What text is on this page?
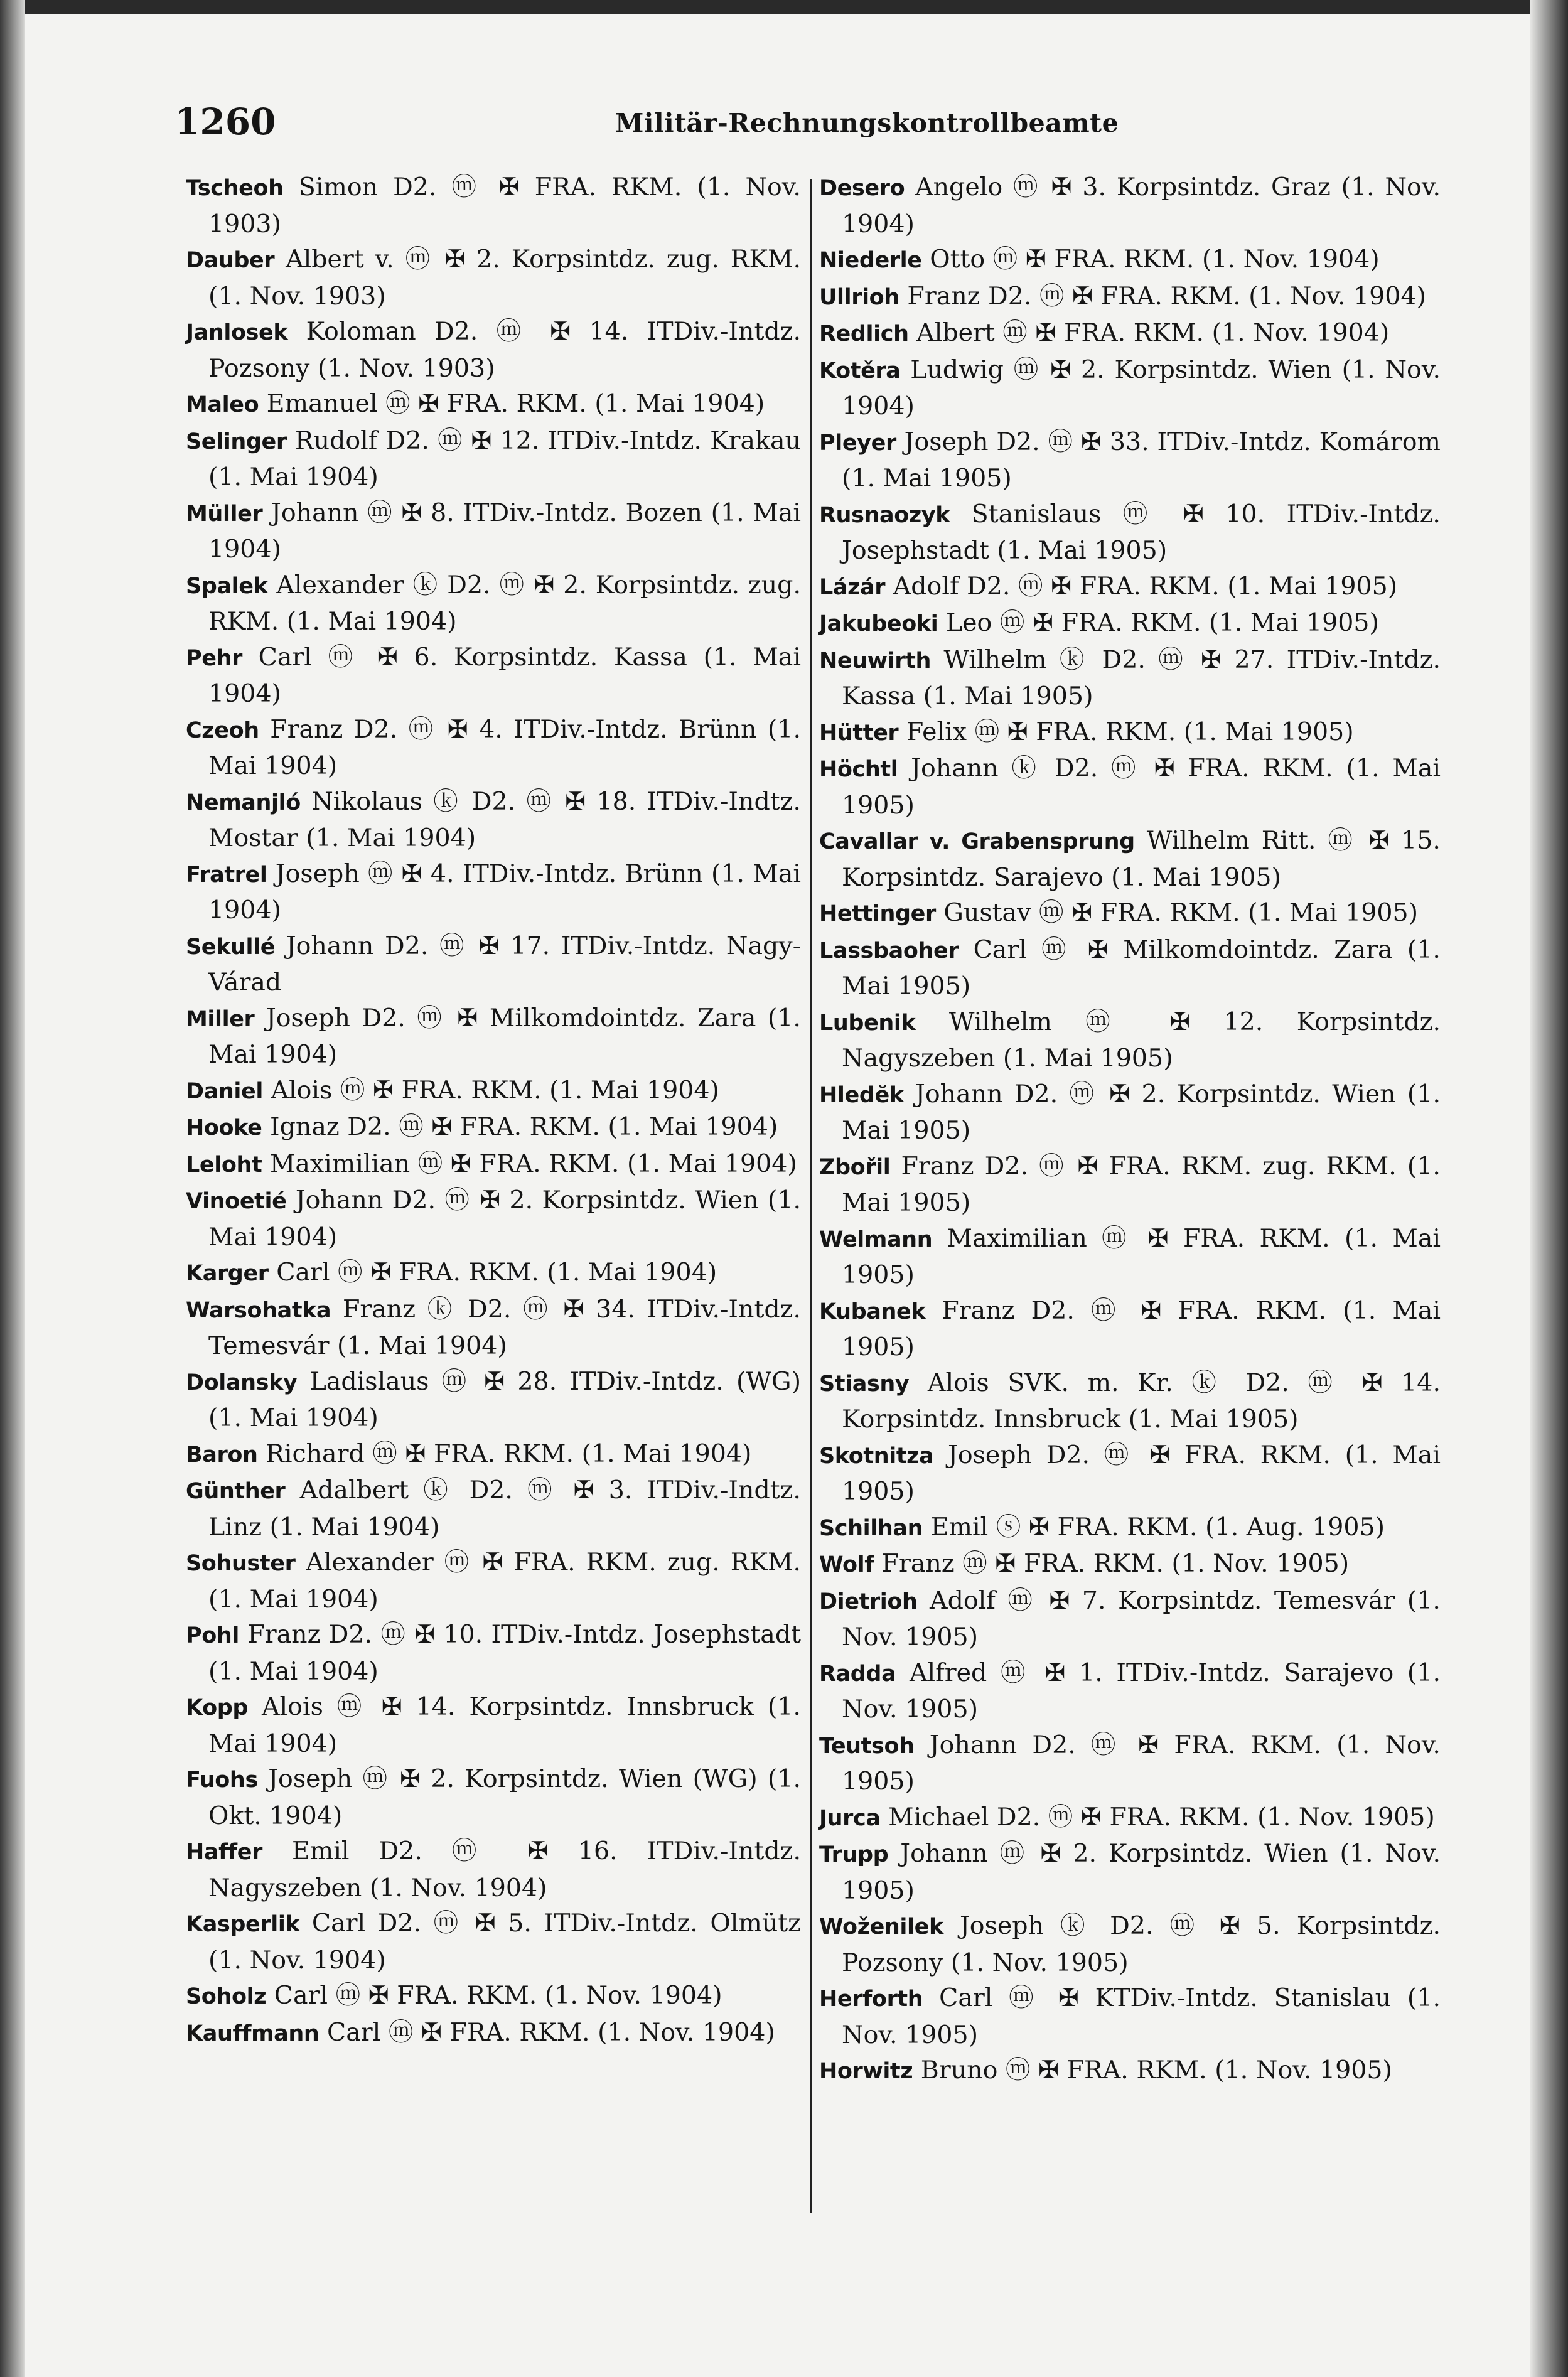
1260	Militär-Rechnungskontrollbeamte

Tscheoh Simon D2. ⓜ ✠ FRA. RKM. (1. Nov. 1903)

Dauber Albert v. ⓜ ✠ 2. Korpsintdz. zug. RKM. (1. Nov. 1903)

Janlosek Koloman D2. ⓜ ✠ 14. ITDiv.-Intdz. Pozsony (1. Nov. 1903)

Maleo Emanuel ⓜ ✠ FRA. RKM. (1. Mai 1904)

Selinger Rudolf D2. ⓜ ✠ 12. ITDiv.-Intdz. Krakau (1. Mai 1904)

Müller Johann ⓜ ✠ 8. ITDiv.-Intdz. Bozen (1. Mai 1904)

Spalek Alexander ⓚ D2. ⓜ ✠ 2. Korpsintdz. zug. RKM. (1. Mai 1904)

Pehr Carl ⓜ ✠ 6. Korpsintdz. Kassa (1. Mai 1904)

Czeoh Franz D2. ⓜ ✠ 4. ITDiv.-Intdz. Brünn (1. Mai 1904)

Nemanjló Nikolaus ⓚ D2. ⓜ ✠ 18. ITDiv.-Indtz. Mostar (1. Mai 1904)

Fratrel Joseph ⓜ ✠ 4. ITDiv.-Intdz. Brünn (1. Mai 1904)

Sekullé Johann D2. ⓜ ✠ 17. ITDiv.-Intdz. Nagy-Várad

Miller Joseph D2. ⓜ ✠ Milkomdointdz. Zara (1. Mai 1904)

Daniel Alois ⓜ ✠ FRA. RKM. (1. Mai 1904)

Hooke Ignaz D2. ⓜ ✠ FRA. RKM. (1. Mai 1904)

Leloht Maximilian ⓜ ✠ FRA. RKM. (1. Mai 1904)

Vinoetié Johann D2. ⓜ ✠ 2. Korpsintdz. Wien (1. Mai 1904)

Karger Carl ⓜ ✠ FRA. RKM. (1. Mai 1904)

Warsohatka Franz ⓚ D2. ⓜ ✠ 34. ITDiv.-Intdz. Temesvár (1. Mai 1904)

Dolansky Ladislaus ⓜ ✠ 28. ITDiv.-Intdz. (WG) (1. Mai 1904)

Baron Richard ⓜ ✠ FRA. RKM. (1. Mai 1904)

Günther Adalbert ⓚ D2. ⓜ ✠ 3. ITDiv.-Indtz. Linz (1. Mai 1904)

Sohuster Alexander ⓜ ✠ FRA. RKM. zug. RKM. (1. Mai 1904)

Pohl Franz D2. ⓜ ✠ 10. ITDiv.-Intdz. Josephstadt (1. Mai 1904)

Kopp Alois ⓜ ✠ 14. Korpsintdz. Innsbruck (1. Mai 1904)

Fuohs Joseph ⓜ ✠ 2. Korpsintdz. Wien (WG) (1. Okt. 1904)

Haffer Emil D2. ⓜ ✠ 16. ITDiv.-Intdz. Nagyszeben (1. Nov. 1904)

Kasperlik Carl D2. ⓜ ✠ 5. ITDiv.-Intdz. Olmütz (1. Nov. 1904)

Soholz Carl ⓜ ✠ FRA. RKM. (1. Nov. 1904)

Kauffmann Carl ⓜ ✠ FRA. RKM. (1. Nov. 1904)

Desero Angelo ⓜ ✠ 3. Korpsintdz. Graz (1. Nov. 1904)

Niederle Otto ⓜ ✠ FRA. RKM. (1. Nov. 1904)

Ullrioh Franz D2. ⓜ ✠ FRA. RKM. (1. Nov. 1904)

Redlich Albert ⓜ ✠ FRA. RKM. (1. Nov. 1904)

Kotěra Ludwig ⓜ ✠ 2. Korpsintdz. Wien (1. Nov. 1904)

Pleyer Joseph D2. ⓜ ✠ 33. ITDiv.-Intdz. Komárom (1. Mai 1905)

Rusnaozyk Stanislaus ⓜ ✠ 10. ITDiv.-Intdz. Josephstadt (1. Mai 1905)

Lázár Adolf D2. ⓜ ✠ FRA. RKM. (1. Mai 1905)

Jakubeoki Leo ⓜ ✠ FRA. RKM. (1. Mai 1905)

Neuwirth Wilhelm ⓚ D2. ⓜ ✠ 27. ITDiv.-Intdz. Kassa (1. Mai 1905)

Hütter Felix ⓜ ✠ FRA. RKM. (1. Mai 1905)

Höchtl Johann ⓚ D2. ⓜ ✠ FRA. RKM. (1. Mai 1905)

Cavallar v. Grabensprung Wilhelm Ritt. ⓜ ✠ 15. Korpsintdz. Sarajevo (1. Mai 1905)

Hettinger Gustav ⓜ ✠ FRA. RKM. (1. Mai 1905)

Lassbaoher Carl ⓜ ✠ Milkomdointdz. Zara (1. Mai 1905)

Lubenik Wilhelm ⓜ ✠ 12. Korpsintdz. Nagyszeben (1. Mai 1905)

Hledĕk Johann D2. ⓜ ✠ 2. Korpsintdz. Wien (1. Mai 1905)

Zbořil Franz D2. ⓜ ✠ FRA. RKM. zug. RKM. (1. Mai 1905)

Welmann Maximilian ⓜ ✠ FRA. RKM. (1. Mai 1905)

Kubanek Franz D2. ⓜ ✠ FRA. RKM. (1. Mai 1905)

Stiasny Alois SVK. m. Kr. ⓚ D2. ⓜ ✠ 14. Korpsintdz. Innsbruck (1. Mai 1905)

Skotnitza Joseph D2. ⓜ ✠ FRA. RKM. (1. Mai 1905)

Schilhan Emil ⓢ ✠ FRA. RKM. (1. Aug. 1905)

Wolf Franz ⓜ ✠ FRA. RKM. (1. Nov. 1905)

Dietrioh Adolf ⓜ ✠ 7. Korpsintdz. Temesvár (1. Nov. 1905)

Radda Alfred ⓜ ✠ 1. ITDiv.-Intdz. Sarajevo (1. Nov. 1905)

Teutsoh Johann D2. ⓜ ✠ FRA. RKM. (1. Nov. 1905)

Jurca Michael D2. ⓜ ✠ FRA. RKM. (1. Nov. 1905)

Trupp Johann ⓜ ✠ 2. Korpsintdz. Wien (1. Nov. 1905)

Woženilek Joseph ⓚ D2. ⓜ ✠ 5. Korpsintdz. Pozsony (1. Nov. 1905)

Herforth Carl ⓜ ✠ KTDiv.-Intdz. Stanislau (1. Nov. 1905)

Horwitz Bruno ⓜ ✠ FRA. RKM. (1. Nov. 1905)
